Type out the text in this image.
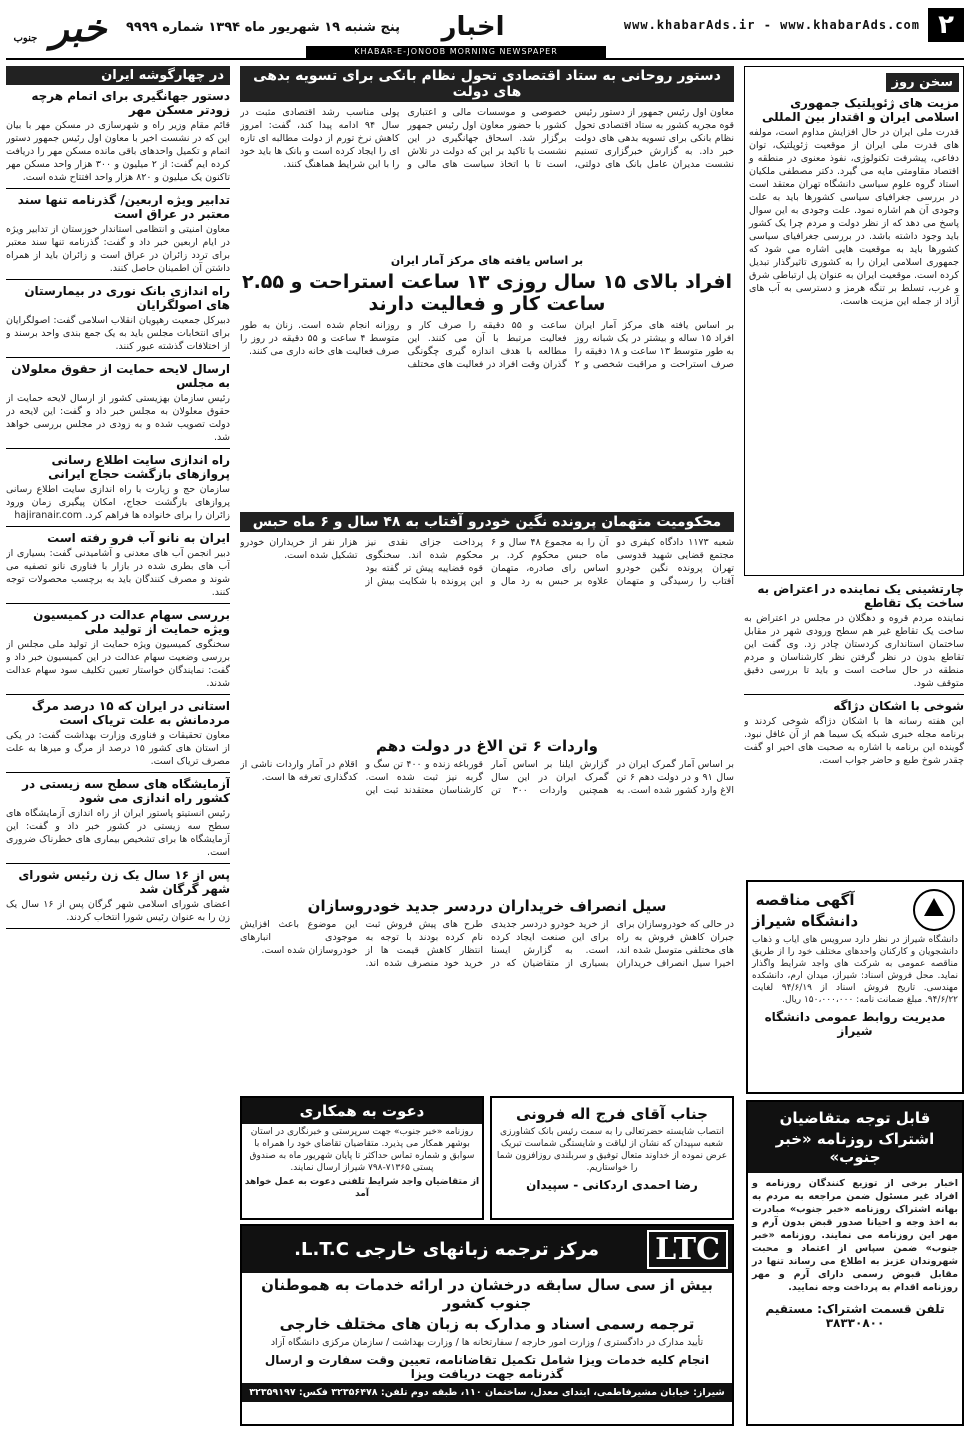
۲
www.khabarAds.ir - www.khabarAds.com
اخبار
پنج شنبه ۱۹ شهریور ماه ۱۳۹۴ شماره ۹۹۹۹
خبر جنوب
KHABAR-E-JONOOB MORNING NEWSPAPER
سخن روز
مزیت های ژئوپلتیک جمهوری اسلامی ایران و اقتدار بین المللی

قدرت ملی ایران در حال افزایش مداوم است، مولفه های قدرت ملی ایران از موقعیت ژئوپلتیک، توان دفاعی، پیشرفت تکنولوژی، نفوذ معنوی در منطقه و اقتصاد مقاومتی مایه می گیرد. دکتر مصطفی ملکیان استاد گروه علوم سیاسی دانشگاه تهران معتقد است در بررسی جغرافیای سیاسی کشورها باید به علت وجودی آن هم اشاره نمود. علت وجودی به این سوال پاسخ می دهد که از نظر دولت و مردم چرا یک کشور باید وجود داشته باشد. در بررسی جغرافیای سیاسی کشورها باید به موقعیت هایی اشاره می شود که جمهوری اسلامی ایران را به کشوری تاثیرگذار تبدیل کرده است. موقعیت ایران به عنوان پل ارتباطی شرق و غرب، تسلط بر تنگه هرمز و دسترسی به آب های آزاد از جمله این مزیت هاست.

چارتشینی یک نماینده در اعتراض به ساخت یک تقاطع

نماینده مردم قروه و دهگلان در مجلس در اعتراض به ساخت یک تقاطع غیر هم سطح ورودی شهر در مقابل ساختمان استانداری کردستان چادر زد. وی گفت این تقاطع بدون در نظر گرفتن نظر کارشناسان و مردم منطقه در حال ساخت است و باید تا بررسی دقیق متوقف شود.

شوخی با اشکان دژاگه

این هفته رسانه ها با اشکان دژاگه شوخی کردند و برنامه مجله خبری شبکه یک سیما هم از آن غافل نبود. گوینده این برنامه با اشاره به صحبت های اخیر او گفت چقدر شوخ طبع و حاضر جواب است.

آگهی مناقصه
دانشگاه شیراز

دانشگاه شیراز در نظر دارد سرویس های ایاب و ذهاب دانشجویان و کارکنان واحدهای مختلف خود را از طریق مناقصه عمومی به شرکت های واجد شرایط واگذار نماید. محل فروش اسناد: شیراز، میدان ارم، دانشکده مهندسی. تاریخ فروش اسناد از ۹۴/۶/۱۹ لغایت ۹۴/۶/۲۲. مبلغ ضمانت نامه: ۱۵۰،۰۰۰،۰۰۰ ریال.

مدیریت روابط عمومی دانشگاه شیراز
قابل توجه متقاضیان
اشتراک روزنامه «خبر جنوب»

اخبار برخی از توزیع کنندگان روزنامه و افراد غیر مسئول ضمن مراجعه به مردم به بهانه اشتراک روزنامه «خبر جنوب» مبادرت به اخذ وجه و احیانا صدور قبض بدون آرم و مهر این روزنامه می نمایند. روزنامه «خبر جنوب» ضمن سپاس از اعتماد و محبت شهروندان عزیز به اطلاع می رساند تنها در مقابل قبوض رسمی دارای آرم و مهر روزنامه اقدام به پرداخت وجه نمایید.

تلفن قسمت اشتراک: مستقیم ۳۸۳۳۰۸۰۰
دستور روحانی به ستاد اقتصادی تحول نظام بانکی برای تسویه بدهی های دولت

معاون اول رئیس جمهور از دستور رئیس قوه مجریه کشور به ستاد اقتصادی تحول نظام بانکی برای تسویه بدهی های دولت خبر داد. به گزارش خبرگزاری تسنیم نشست مدیران عامل بانک های دولتی، خصوصی و موسسات مالی و اعتباری کشور با حضور معاون اول رئیس جمهور برگزار شد. اسحاق جهانگیری در این نشست با تاکید بر این که دولت در تلاش است تا با اتخاذ سیاست های مالی و پولی مناسب رشد اقتصادی مثبت در سال ۹۴ ادامه پیدا کند، گفت: امروز کاهش نرخ تورم از دولت مطالبه ای تازه ای را ایجاد کرده است و بانک ها باید خود را با این شرایط هماهنگ کنند.

بر اساس یافته های مرکز آمار ایران
افراد بالای ۱۵ سال روزی ۱۳ ساعت استراحت و ۲.۵۵ ساعت کار و فعالیت دارند

بر اساس یافته های مرکز آمار ایران افراد ۱۵ ساله و بیشتر در یک شبانه روز به طور متوسط ۱۳ ساعت و ۱۸ دقیقه را صرف استراحت و مراقبت شخصی و ۲ ساعت و ۵۵ دقیقه را صرف کار و فعالیت مرتبط با آن می کنند. این مطالعه با هدف اندازه گیری چگونگی گذران وقت افراد در فعالیت های مختلف روزانه انجام شده است. زنان به طور متوسط ۴ ساعت و ۵۵ دقیقه در روز را صرف فعالیت های خانه داری می کنند.

محکومیت متهمان پرونده نگین خودرو آفتاب به ۴۸ سال و ۶ ماه حبس

شعبه ۱۱۷۳ دادگاه کیفری دو مجتمع قضایی شهید قدوسی تهران پرونده نگین خودرو آفتاب را رسیدگی و متهمان آن را به مجموع ۴۸ سال و ۶ ماه حبس محکوم کرد. بر اساس رای صادره، متهمان علاوه بر حبس به رد مال و پرداخت جزای نقدی نیز محکوم شده اند. سخنگوی قوه قضاییه پیش تر گفته بود این پرونده با شکایت بیش از هزار نفر از خریداران خودرو تشکیل شده است.

واردات ۶ تن الاغ در دولت دهم

بر اساس آمار گمرک ایران در سال ۹۱ و در دولت دهم ۶ تن الاغ وارد کشور شده است. به گزارش ایلنا بر اساس آمار گمرک ایران در این سال همچنین واردات ۳۰۰ تن قورباغه زنده و ۴۰۰ تن سگ و گربه نیز ثبت شده است. کارشناسان معتقدند ثبت این اقلام در آمار واردات ناشی از کدگذاری تعرفه ها است.

سیل انصراف خریداران دردسر جدید خودروسازان

در حالی که خودروسازان برای جبران کاهش فروش به راه های مختلفی متوسل شده اند، اخیرا سیل انصراف خریداران از خرید خودرو دردسر جدیدی برای این صنعت ایجاد کرده است. به گزارش ایسنا بسیاری از متقاضیان که در طرح های پیش فروش ثبت نام کرده بودند با توجه به انتظار کاهش قیمت ها از خرید خود منصرف شده اند. این موضوع باعث افزایش موجودی انبارهای خودروسازان شده است.

جناب آقای فرج اله فرونی

انتصاب شایسته حضرتعالی را به سمت رئیس بانک کشاورزی شعبه سپیدان که نشان از لیاقت و شایستگی شماست تبریک عرض نموده از خداوند متعال توفیق و سربلندی روزافزون شما را خواستاریم.

رضا احمدی اردکانی - سپیدان
دعوت به همکاری

روزنامه «خبر جنوب» جهت سرپرستی و خبرنگاری در استان بوشهر همکار می پذیرد. متقاضیان تقاضای خود را همراه با سوابق و شماره تماس حداکثر تا پایان شهریور ماه به صندوق پستی ۷۱۳۶۵-۷۹۸ شیراز ارسال نمایند.

از متقاضیان واجد شرایط تلفنی دعوت به عمل خواهد آمد
LTC
مرکز ترجمه زبانهای خارجی L.T.C.
بیش از سی سال سابقه درخشان در ارائه خدمات به هموطنان جنوب کشور
ترجمه رسمی اسناد و مدارک به زبان های مختلف خارجی
تأیید مدارک در دادگستری / وزارت امور خارجه / سفارتخانه ها / وزارت بهداشت / سازمان مرکزی دانشگاه آزاد
انجام کلیه خدمات ویزا شامل تکمیل تقاضانامه، تعیین وقت سفارت و ارسال گذرنامه جهت دریافت ویزا
شیراز: خیابان مشیرفاطمی، ابتدای معدل، ساختمان ۱۱۰، طبقه دوم تلفن: ۳۲۳۵۶۴۷۸ فکس: ۳۲۳۵۹۱۹۷
در چهارگوشه ایران
دستور جهانگیری برای اتمام هرچه زودتر مسکن مهر

قائم مقام وزیر راه و شهرسازی در مسکن مهر با بیان این که در نشست اخیر با معاون اول رئیس جمهور دستور اتمام و تکمیل واحدهای باقی مانده مسکن مهر را دریافت کرده ایم گفت: از ۲ میلیون و ۳۰۰ هزار واحد مسکن مهر تاکنون یک میلیون و ۸۲۰ هزار واحد افتتاح شده است.

تدابیر ویژه اربعین/ گذرنامه تنها سند معتبر در عراق است

معاون امنیتی و انتظامی استاندار خوزستان از تدابیر ویژه در ایام اربعین خبر داد و گفت: گذرنامه تنها سند معتبر برای تردد زائران در عراق است و زائران باید از همراه داشتن آن اطمینان حاصل کنند.

راه اندازی بانک نوری در بیمارستان های اصولگرایان

دبیرکل جمعیت رهپویان انقلاب اسلامی گفت: اصولگرایان برای انتخابات مجلس باید به یک جمع بندی واحد برسند و از اختلافات گذشته عبور کنند.

ارسال لایحه حمایت از حقوق معلولان به مجلس

رئیس سازمان بهزیستی کشور از ارسال لایحه حمایت از حقوق معلولان به مجلس خبر داد و گفت: این لایحه در دولت تصویب شده و به زودی در مجلس بررسی خواهد شد.

راه اندازی سایت اطلاع رسانی پروازهای بازگشت حجاج ایرانی

سازمان حج و زیارت با راه اندازی سایت اطلاع رسانی پروازهای بازگشت حجاج، امکان پیگیری زمان ورود زائران را برای خانواده ها فراهم کرد. hajiranair.com

ایران به نانو آب فرو رفته است

دبیر انجمن آب های معدنی و آشامیدنی گفت: بسیاری از آب های بطری شده در بازار با فناوری نانو تصفیه می شوند و مصرف کنندگان باید به برچسب محصولات توجه کنند.

بررسی سهام عدالت در کمیسیون ویژه حمایت از تولید ملی

سخنگوی کمیسیون ویژه حمایت از تولید ملی مجلس از بررسی وضعیت سهام عدالت در این کمیسیون خبر داد و گفت: نمایندگان خواستار تعیین تکلیف سود سهام عدالت شدند.

استانی در ایران که ۱۵ درصد مرگ مردمانش به علت تریاک است

معاون تحقیقات و فناوری وزارت بهداشت گفت: در یکی از استان های کشور ۱۵ درصد از مرگ و میرها به علت مصرف تریاک است.

آزمایشگاه های سطح سه زیستی در کشور راه اندازی می شود

رئیس انستیتو پاستور ایران از راه اندازی آزمایشگاه های سطح سه زیستی در کشور خبر داد و گفت: این آزمایشگاه ها برای تشخیص بیماری های خطرناک ضروری است.

پس از ۱۶ سال یک زن رئیس شورای شهر گرگان شد

اعضای شورای اسلامی شهر گرگان پس از ۱۶ سال یک زن را به عنوان رئیس شورا انتخاب کردند.
